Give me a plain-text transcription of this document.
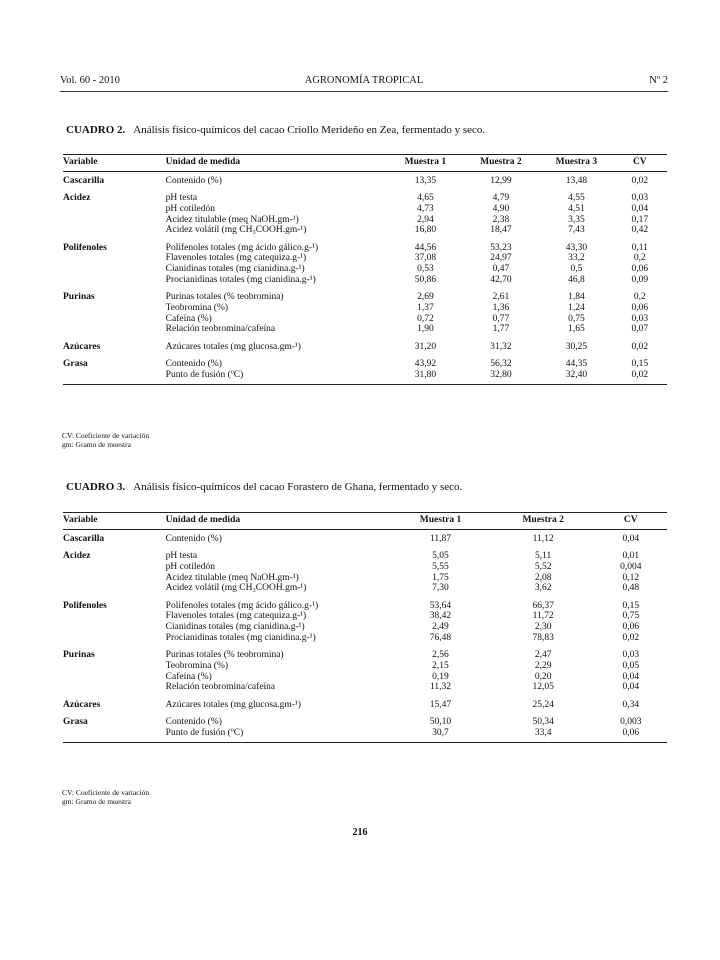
Vol. 60 - 2010	AGRONOMÍA TROPICAL	Nº 2
CUADRO 2. Análisis físico-químicos del cacao Criollo Merideño en Zea, fermentado y seco.
Variable	Unidad de medida	Muestra 1	Muestra 2	Muestra 3	CV
Cascarilla	Contenido (%)	13,35	12,99	13,48	0,02
Acidez	pH testa	4,65	4,79	4,55	0,03
	pH cotiledón	4,73	4,90	4,51	0,04
	Acidez titulable (meq NaOH.gm-¹)	2,94	2,38	3,35	0,17
	Acidez volátil (mg CH₃COOH.gm-¹)	16,80	18,47	7,43	0,42
Polifenoles	Polifenoles totales (mg ácido gálico.g-¹)	44,56	53,23	43,30	0,11
	Flavenoles totales (mg catequiza.g-¹)	37,08	24,97	33,2	0,2
	Cianidinas totales (mg cianidina.g-¹)	0,53	0,47	0,5	0,06
	Procianidinas totales (mg cianidina.g-¹)	50,86	42,70	46,8	0,09
Purinas	Purinas totales (% teobromina)	2,69	2,61	1,84	0,2
	Teobromina (%)	1,37	1,36	1,24	0,06
	Cafeína (%)	0,72	0,77	0,75	0,03
	Relación teobromina/cafeína	1,90	1,77	1,65	0,07
Azúcares	Azúcares totales (mg glucosa.gm-¹)	31,20	31,32	30,25	0,02
Grasa	Contenido (%)	43,92	56,32	44,35	0,15
	Punto de fusión (ºC)	31,80	32,80	32,40	0,02
CV: Coeficiente de variación
gm: Gramo de muestra
CUADRO 3. Análisis físico-químicos del cacao Forastero de Ghana, fermentado y seco.
Variable	Unidad de medida	Muestra 1	Muestra 2	CV
Cascarilla	Contenido (%)	11,87	11,12	0,04
Acidez	pH testa	5,05	5,11	0,01
	pH cotiledón	5,55	5,52	0,004
	Acidez titulable (meq NaOH.gm-¹)	1,75	2,08	0,12
	Acidez volátil (mg CH₃COOH.gm-¹)	7,30	3,62	0,48
Polifenoles	Polifenoles totales (mg ácido gálico.g-¹)	53,64	66,37	0,15
	Flavenoles totales (mg catequiza.g-¹)	38,42	11,72	0,75
	Cianidinas totales (mg cianidina.g-¹)	2,49	2,30	0,06
	Procianidinas totales (mg cianidina.g-¹)	76,48	78,83	0,02
Purinas	Purinas totales (% teobromina)	2,56	2,47	0,03
	Teobromina (%)	2,15	2,29	0,05
	Cafeína (%)	0,19	0,20	0,04
	Relación teobromina/cafeína	11,32	12,05	0,04
Azúcares	Azúcares totales (mg glucosa.gm-¹)	15,47	25,24	0,34
Grasa	Contenido (%)	50,10	50,34	0,003
	Punto de fusión (ºC)	30,7	33,4	0,06
CV: Coeficiente de variación
gm: Gramo de muestra
216
